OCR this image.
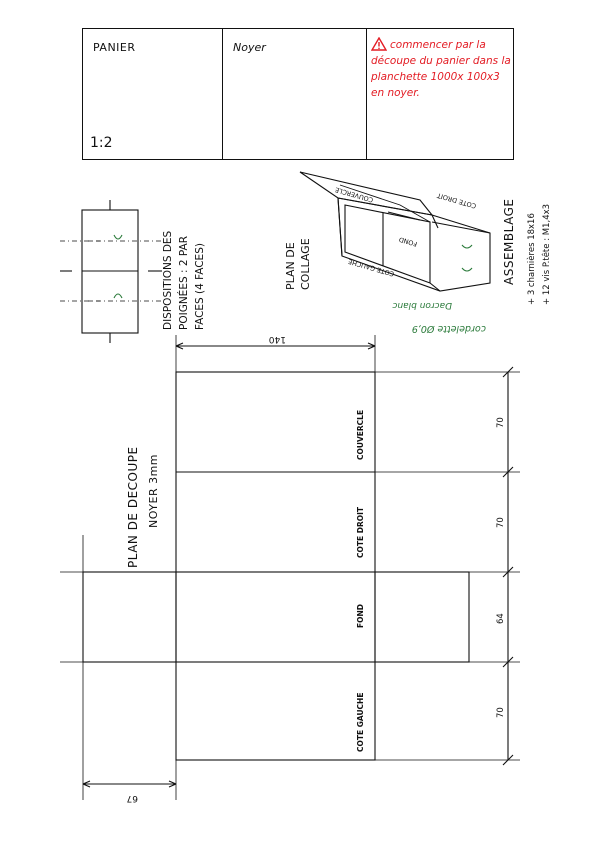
PANIER
1:2
Noyer	commencer par la découpe du panier dans la planchette 1000x 100x3 en noyer.
DISPOSITIONS DES POIGNÉES : 2 PAR FACES (4 FACES)	PLAN DE COLLAGE
COUVERCLE	COTE DROIT
FOND
COTE GAUCHE
Dacron blanc
cordelette Ø0,9
ASSEMBLAGE + 3 charnières 18x16 + 12 vis P.tête : M1,4x3
PLAN DE DECOUPE NOYER 3mm
140
67
COUVERCLE
COTE DROIT
FOND
COTE GAUCHE
70
70
64
70
